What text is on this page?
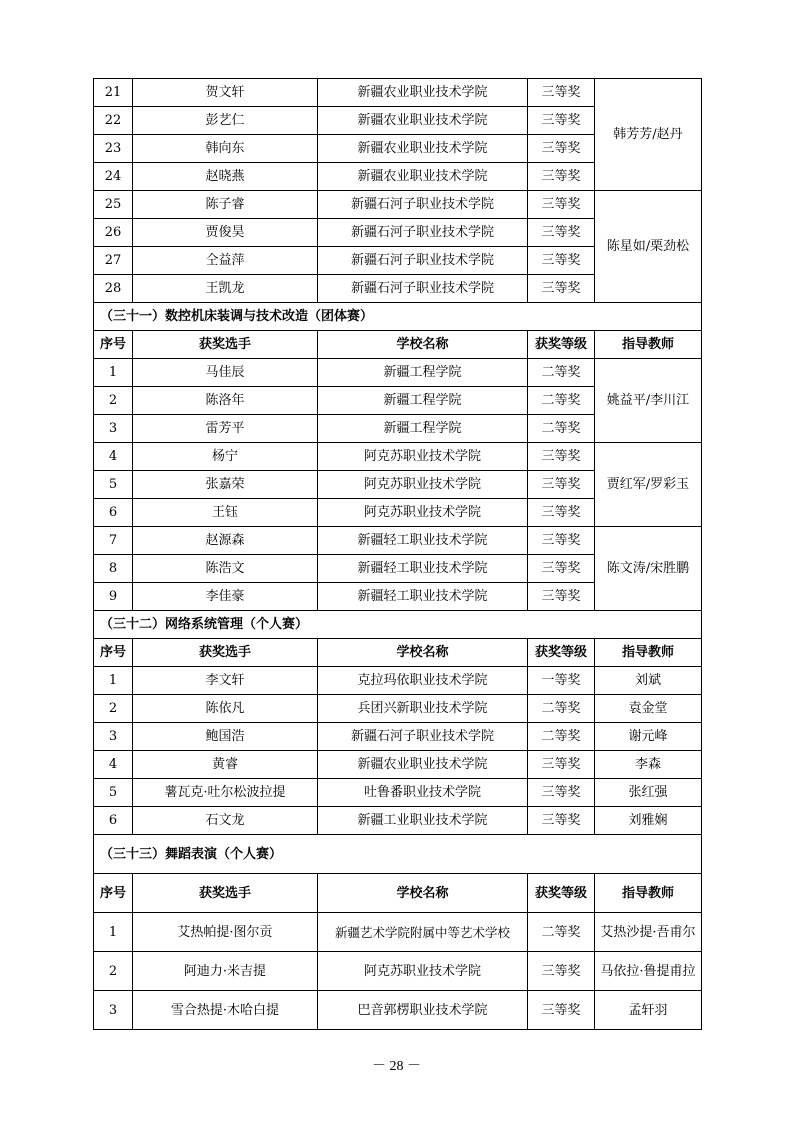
21	贺文轩	新疆农业职业技术学院	三等奖	韩芳芳/赵丹
22	彭艺仁	新疆农业职业技术学院	三等奖	
23	韩向东	新疆农业职业技术学院	三等奖	
24	赵晓燕	新疆农业职业技术学院	三等奖	
25	陈子睿	新疆石河子职业技术学院	三等奖	陈星如/栗劲松
26	贾俊昊	新疆石河子职业技术学院	三等奖	
27	仝益萍	新疆石河子职业技术学院	三等奖	
28	王凯龙	新疆石河子职业技术学院	三等奖	
（三十一）数控机床装调与技术改造（团体赛）				
序号	获奖选手	学校名称	获奖等级	指导教师
1	马佳辰	新疆工程学院	二等奖	姚益平/李川江
2	陈洛年	新疆工程学院	二等奖	
3	雷芳平	新疆工程学院	二等奖	
4	杨宁	阿克苏职业技术学院	三等奖	贾红军/罗彩玉
5	张嘉荣	阿克苏职业技术学院	三等奖	
6	王钰	阿克苏职业技术学院	三等奖	
7	赵源森	新疆轻工职业技术学院	三等奖	陈文涛/宋胜鹏
8	陈浩文	新疆轻工职业技术学院	三等奖	
9	李佳豪	新疆轻工职业技术学院	三等奖	
（三十二）网络系统管理（个人赛）				
序号	获奖选手	学校名称	获奖等级	指导教师
1	李文轩	克拉玛依职业技术学院	一等奖	刘斌
2	陈依凡	兵团兴新职业技术学院	二等奖	袁金堂
3	鲍国浩	新疆石河子职业技术学院	二等奖	谢元峰
4	黄睿	新疆农业职业技术学院	三等奖	李森
5	薯瓦克·吐尔松波拉提	吐鲁番职业技术学院	三等奖	张红强
6	石文龙	新疆工业职业技术学院	三等奖	刘雅娴
（三十三）舞蹈表演（个人赛）				
序号	获奖选手	学校名称	获奖等级	指导教师
1	艾热帕提·图尔贡	新疆艺术学院附属中等艺术学校	二等奖	艾热沙提·吾甫尔
2	阿迪力·米吉提	阿克苏职业技术学院	三等奖	马依拉·鲁提甫拉
3	雪合热提·木哈白提	巴音郭楞职业技术学院	三等奖	孟轩羽
－ 28 －
